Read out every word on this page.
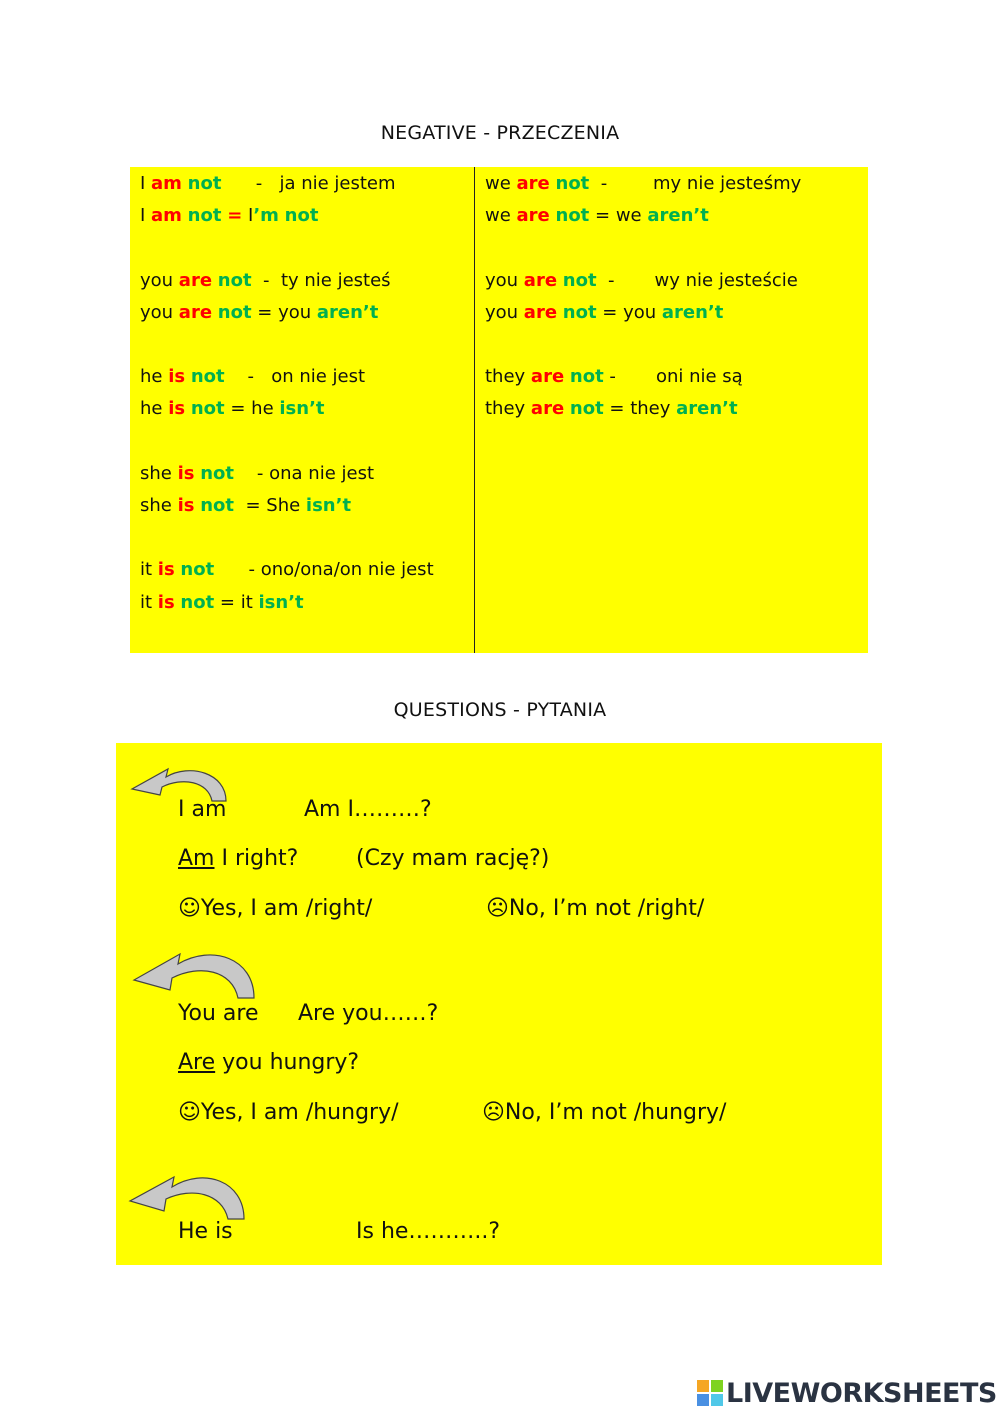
NEGATIVE - PRZECZENIA
I am not      -   ja nie jestem
I am not = I’m not
you are not  -  ty nie jesteś
you are not = you aren’t
he is not    -   on nie jest
he is not = he isn’t
she is not    - ona nie jest
she is not  = She isn’t
it is not      - ono/ona/on nie jest
it is not = it isn’t
we are not  -        my nie jesteśmy
we are not = we aren’t
you are not  -       wy nie jesteście
you are not = you aren’t
they are not -       oni nie są
they are not = they aren’t
QUESTIONS - PYTANIA
I am	Am I………?
Am I right?	(Czy mam rację?)
☺Yes, I am /right/	☹No, I’m not /right/
You are Are you……?
Are you hungry?
☺Yes, I am /hungry/	☹No, I’m not /hungry/
He is	Is he………..?
LIVEWORKSHEETS
